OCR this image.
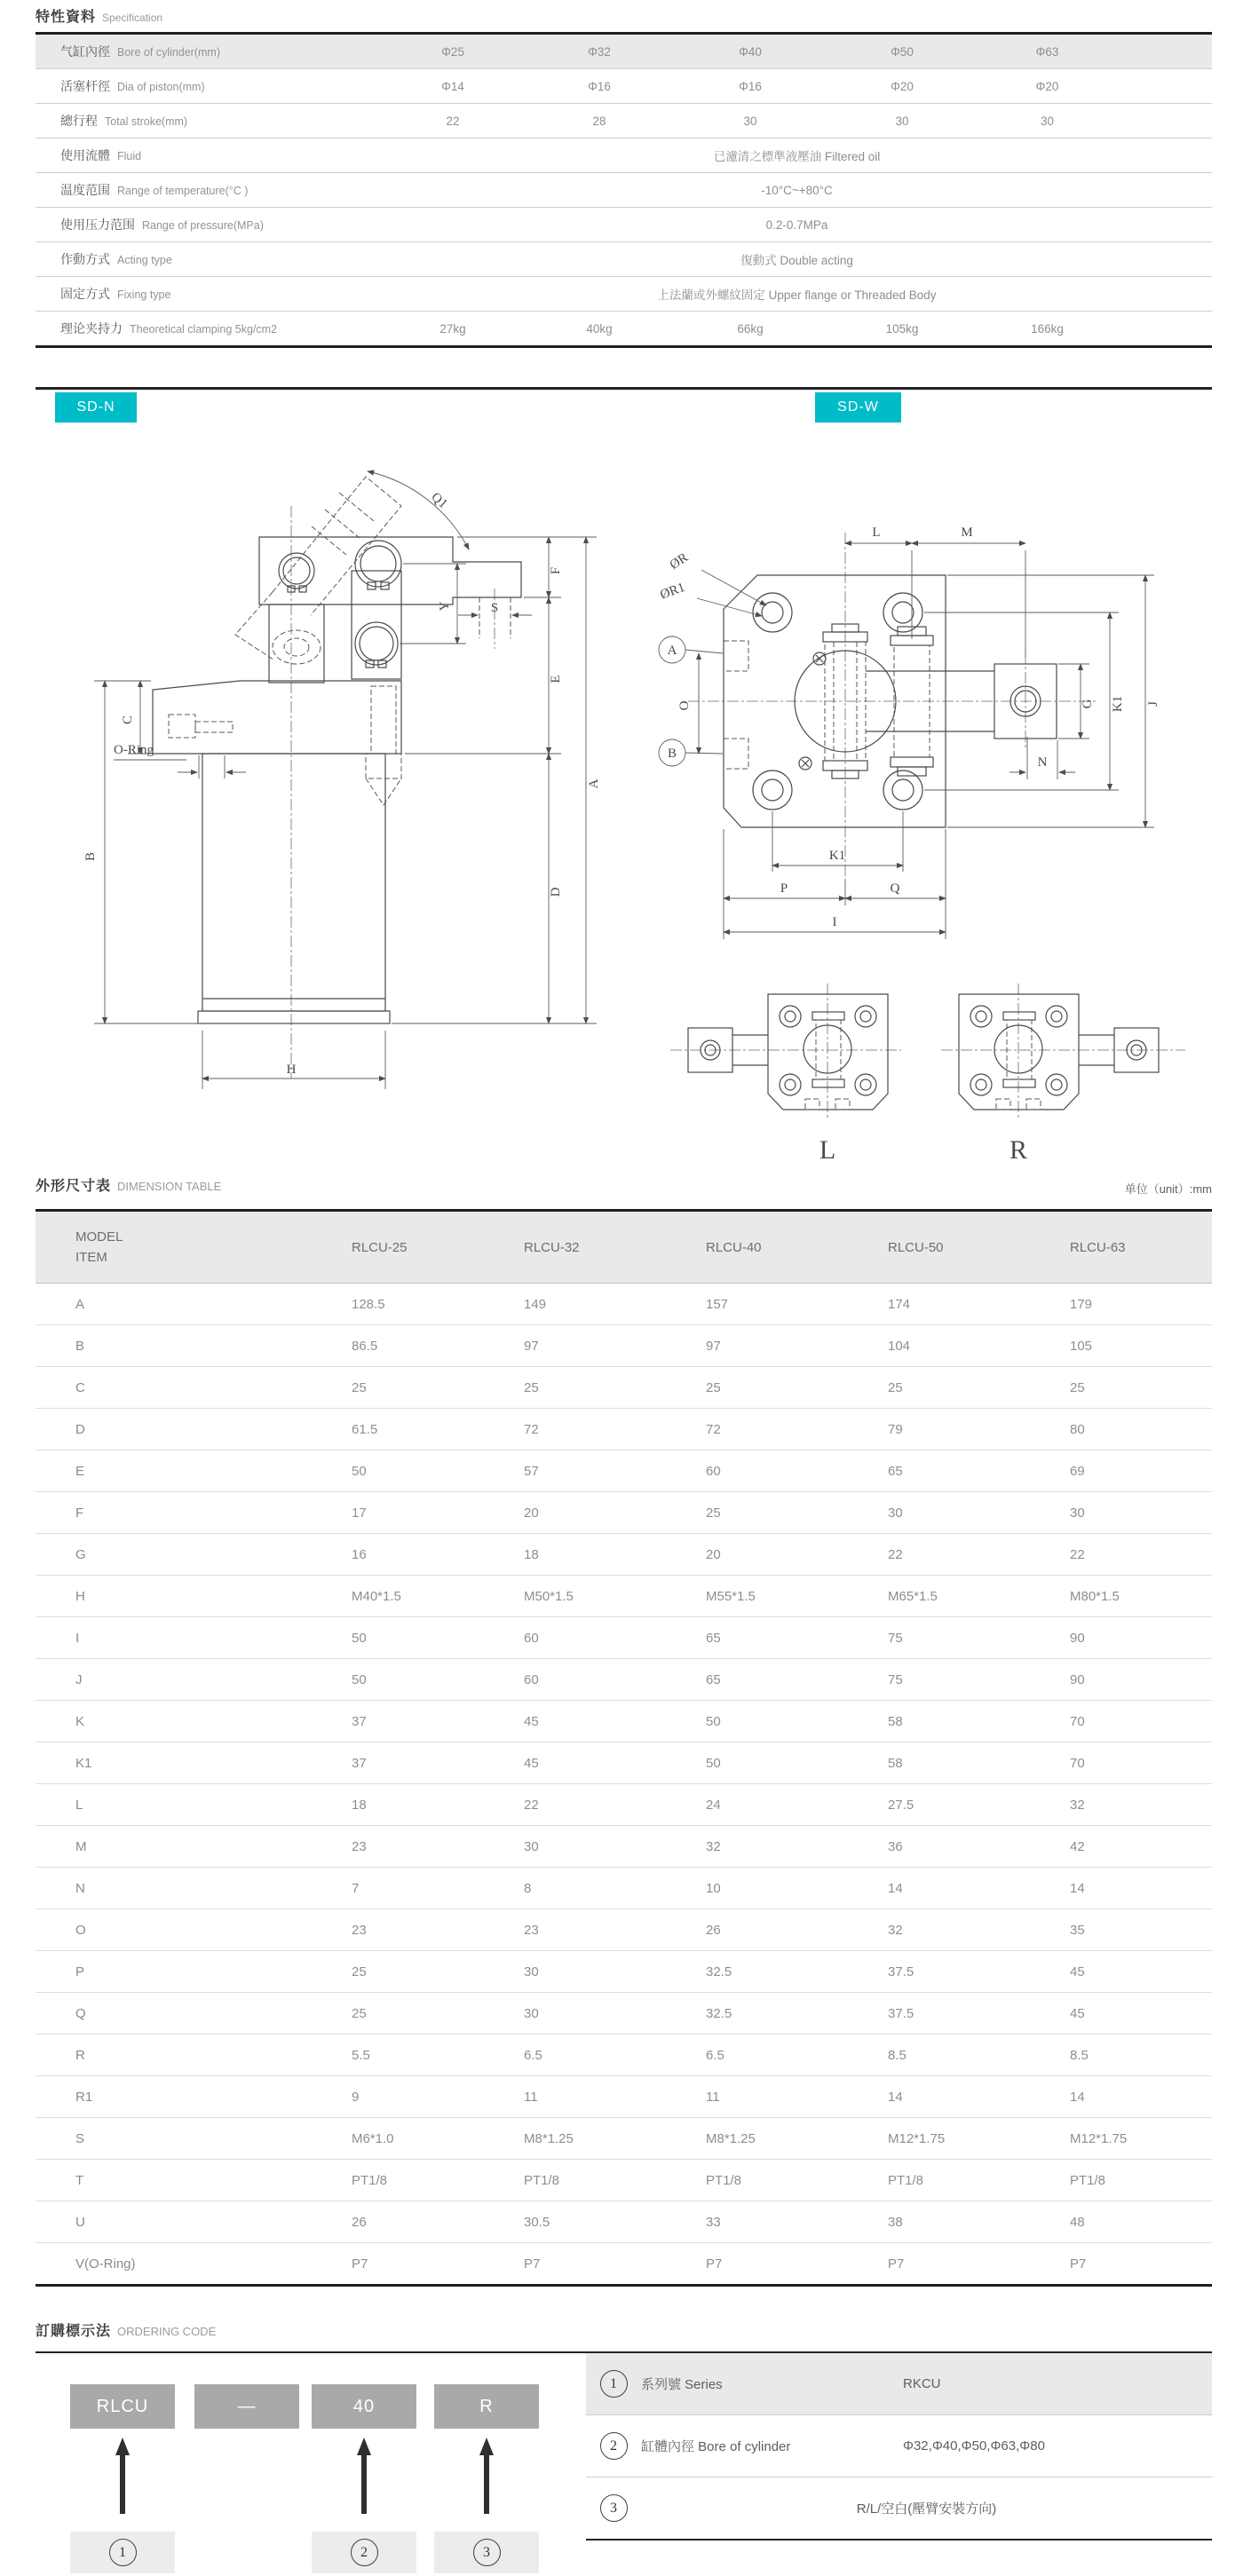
特性資料 Specification
气缸內徑 Bore of cylinder(mm)	Φ25	Φ32	Φ40	Φ50	Φ63
活塞杆徑 Dia of piston(mm)	Φ14	Φ16	Φ16	Φ20	Φ20
總行程 Total stroke(mm)	22	28	30	30	30
使用流體 Fluid	已濾清之標準液壓油 Filtered oil
温度范围 Range of temperature(°C )	-10°C~+80°C
使用压力范围 Range of pressure(MPa)	0.2-0.7MPa
作動方式 Acting type	復動式 Double acting
固定方式 Fixing type	上法蘭或外螺紋固定 Upper flange or Threaded Body
理论夹持力 Theoretical clamping 5kg/cm2	27kg	40kg	66kg	105kg	166kg
SD-N	SD-W
Q1
F
E
A
D
C
B
Y	S
O-Ring
H
L	M
ØR
ØR1
A
B
O	G K1 J
N
K1
P	Q
I
L	R
外形尺寸表 DIMENSION TABLE	单位（unit）:mm
MODEL
ITEM
RLCU-25	RLCU-32	RLCU-40	RLCU-50	RLCU-63
A	128.5	149	157	174	179
B	86.5	97	97	104	105
C	25	25	25	25	25
D	61.5	72	72	79	80
E	50	57	60	65	69
F	17	20	25	30	30
G	16	18	20	22	22
H	M40*1.5	M50*1.5	M55*1.5	M65*1.5	M80*1.5
I	50	60	65	75	90
J	50	60	65	75	90
K	37	45	50	58	70
K1	37	45	50	58	70
L	18	22	24	27.5	32
M	23	30	32	36	42
N	7	8	10	14	14
O	23	23	26	32	35
P	25	30	32.5	37.5	45
Q	25	30	32.5	37.5	45
R	5.5	6.5	6.5	8.5	8.5
R1	9	11	11	14	14
S	M6*1.0	M8*1.25	M8*1.25	M12*1.75	M12*1.75
T	PT1/8	PT1/8	PT1/8	PT1/8	PT1/8
U	26	30.5	33	38	48
V(O-Ring)	P7	P7	P7	P7	P7
訂購標示法 ORDERING CODE
RLCU	—	40	R
1	2	3
1	系列號 Series	RKCU
2	缸體內徑 Bore of cylinder	Φ32,Φ40,Φ50,Φ63,Φ80
3	R/L/空白(壓臂安裝方向)
